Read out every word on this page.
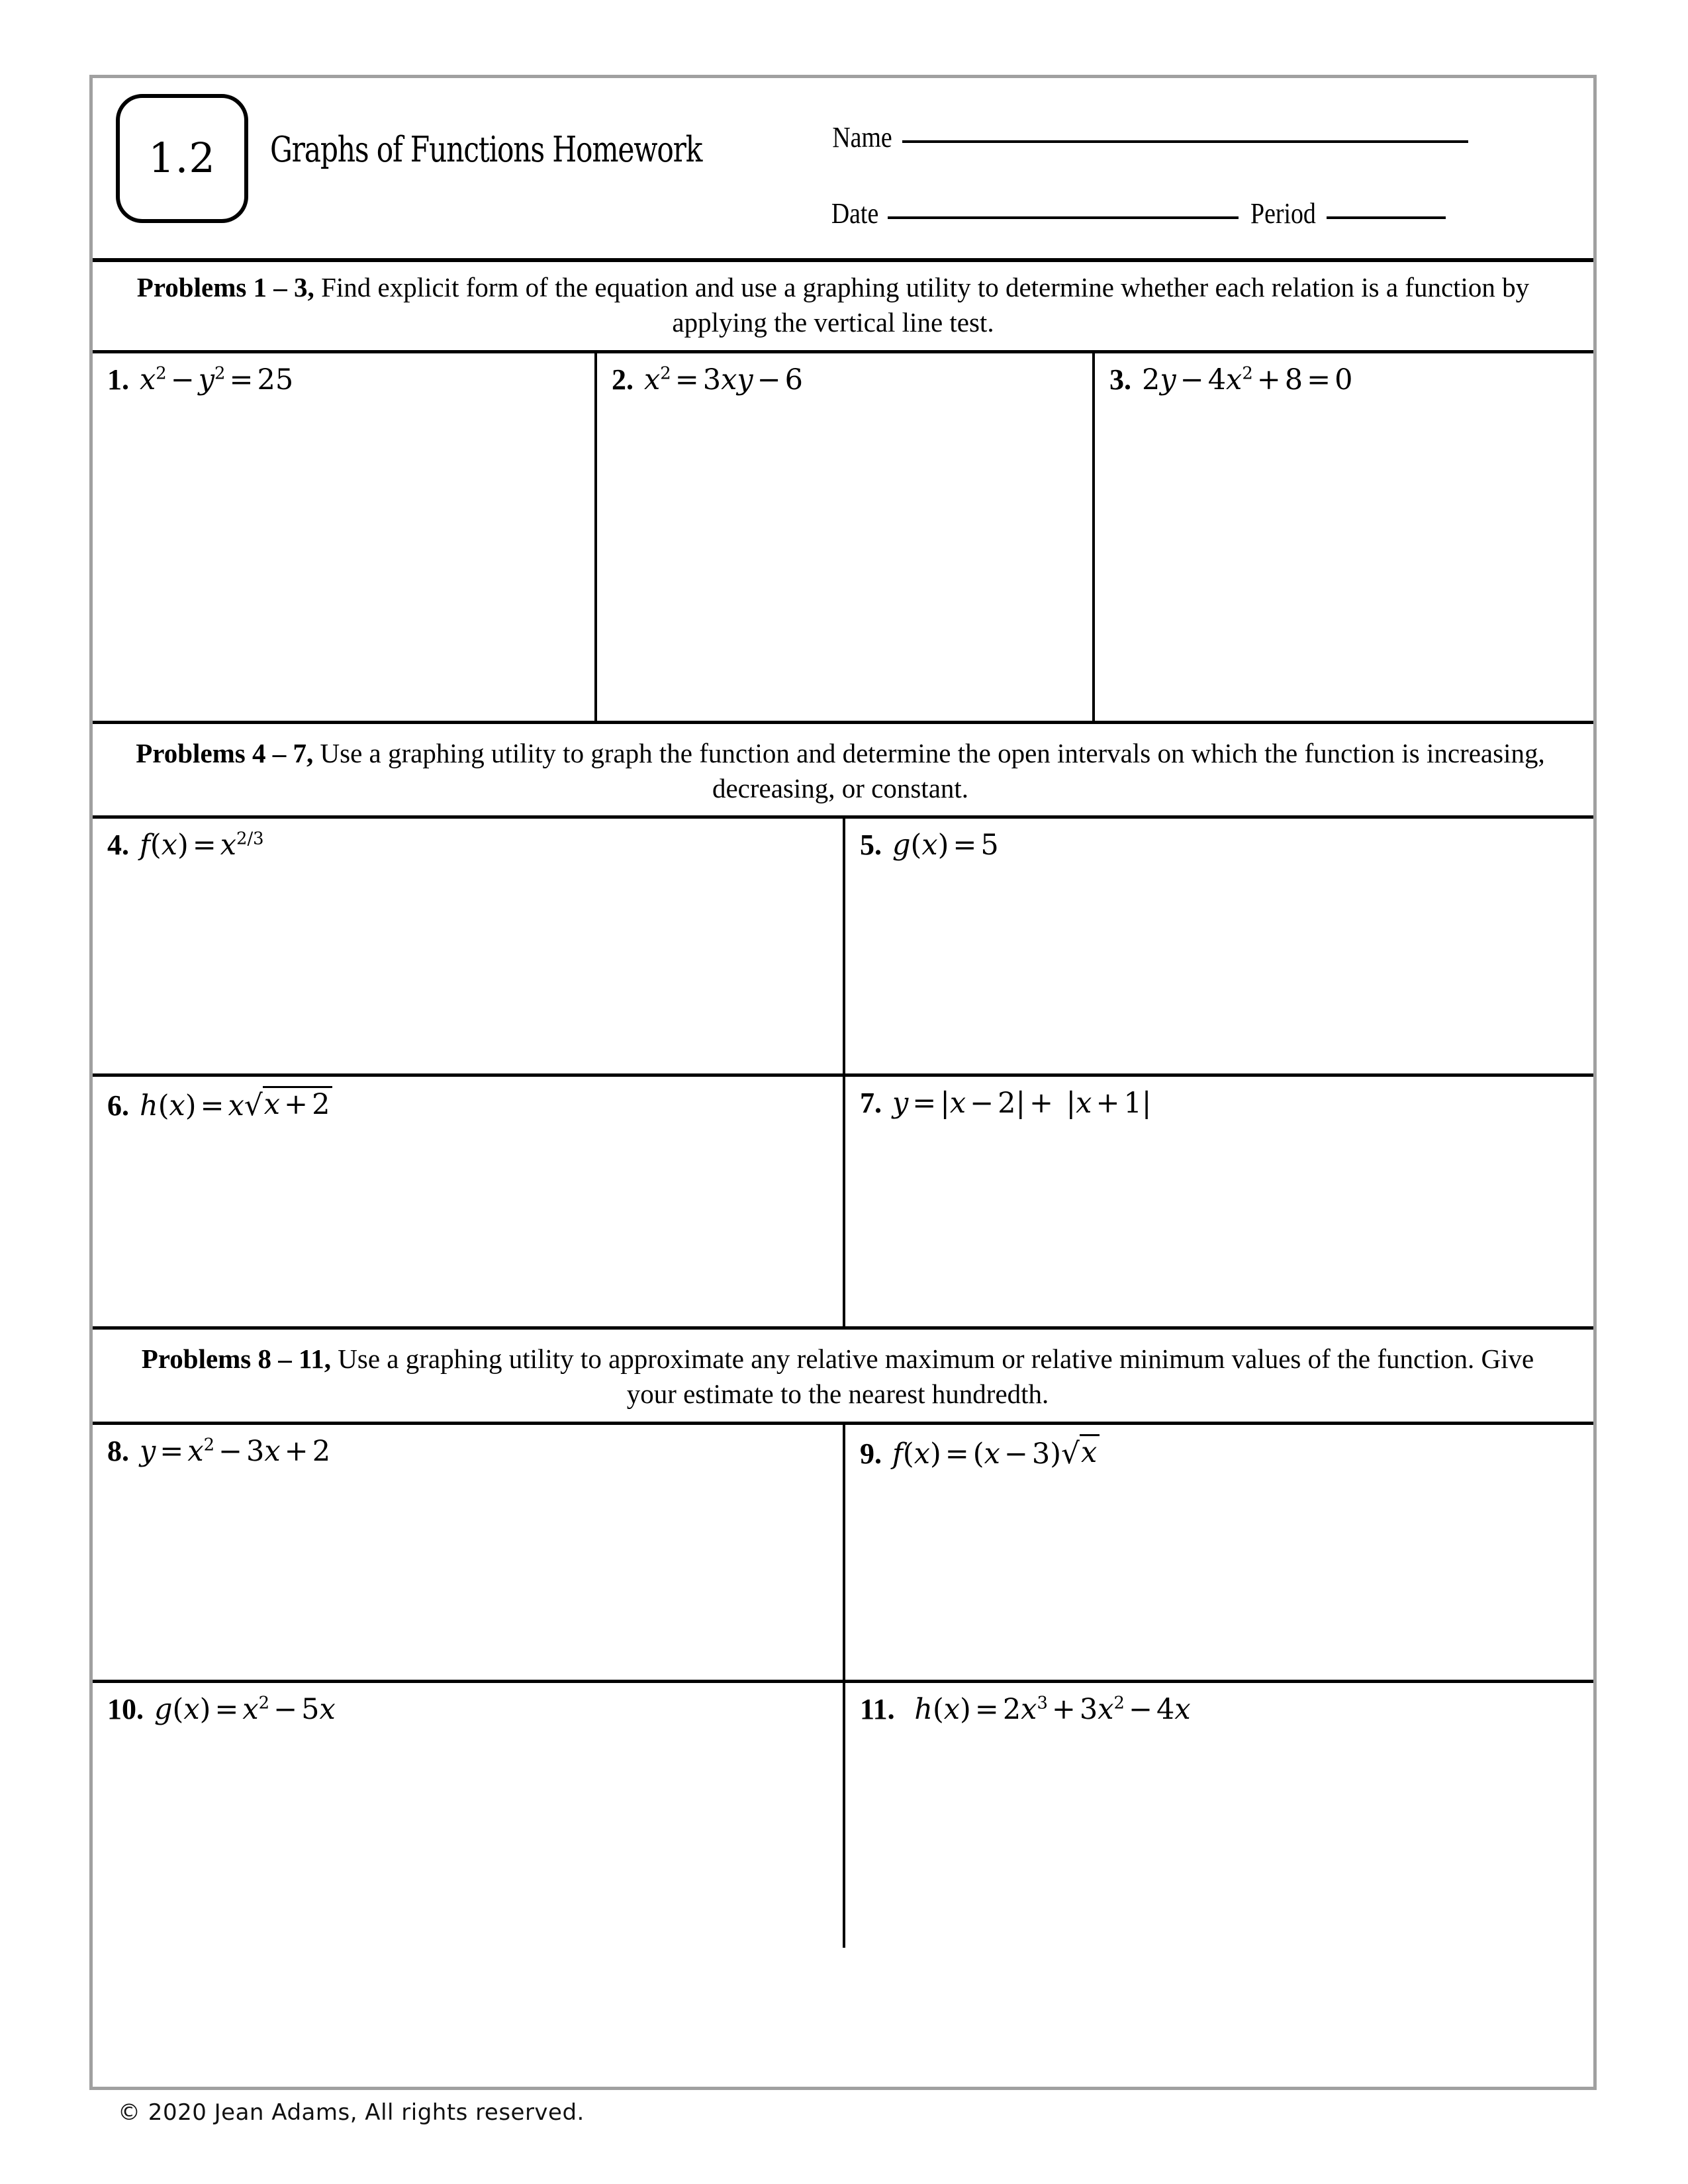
1.2	Graphs of Functions Homework	Name
Date	Period

Problems 1 – 3, Find explicit form of the equation and use a graphing utility to determine whether each relation is a function by applying the vertical line test.

1. $x^2 - y^2 = 25$	2. $x^2 = 3xy - 6$	3. $2y - 4x^2 + 8 = 0$

Problems 4 – 7, Use a graphing utility to graph the function and determine the open intervals on which the function is increasing, decreasing, or constant.

4. $f(x) = x^{2/3}$	5. g(x) = 5
6. h(x) = x√x + 2	7. y = |x − 2| + |x + 1|

Problems 8 – 11, Use a graphing utility to approximate any relative maximum or relative minimum values of the function. Give your estimate to the nearest hundredth.

8. $y = x^2 - 3x + 2$	9. f(x) = (x − 3)√x
10. $g(x) = x^2 - 5x$	11. $h(x) = 2x^3 + 3x^2 - 4x$
© 2020 Jean Adams, All rights reserved.
